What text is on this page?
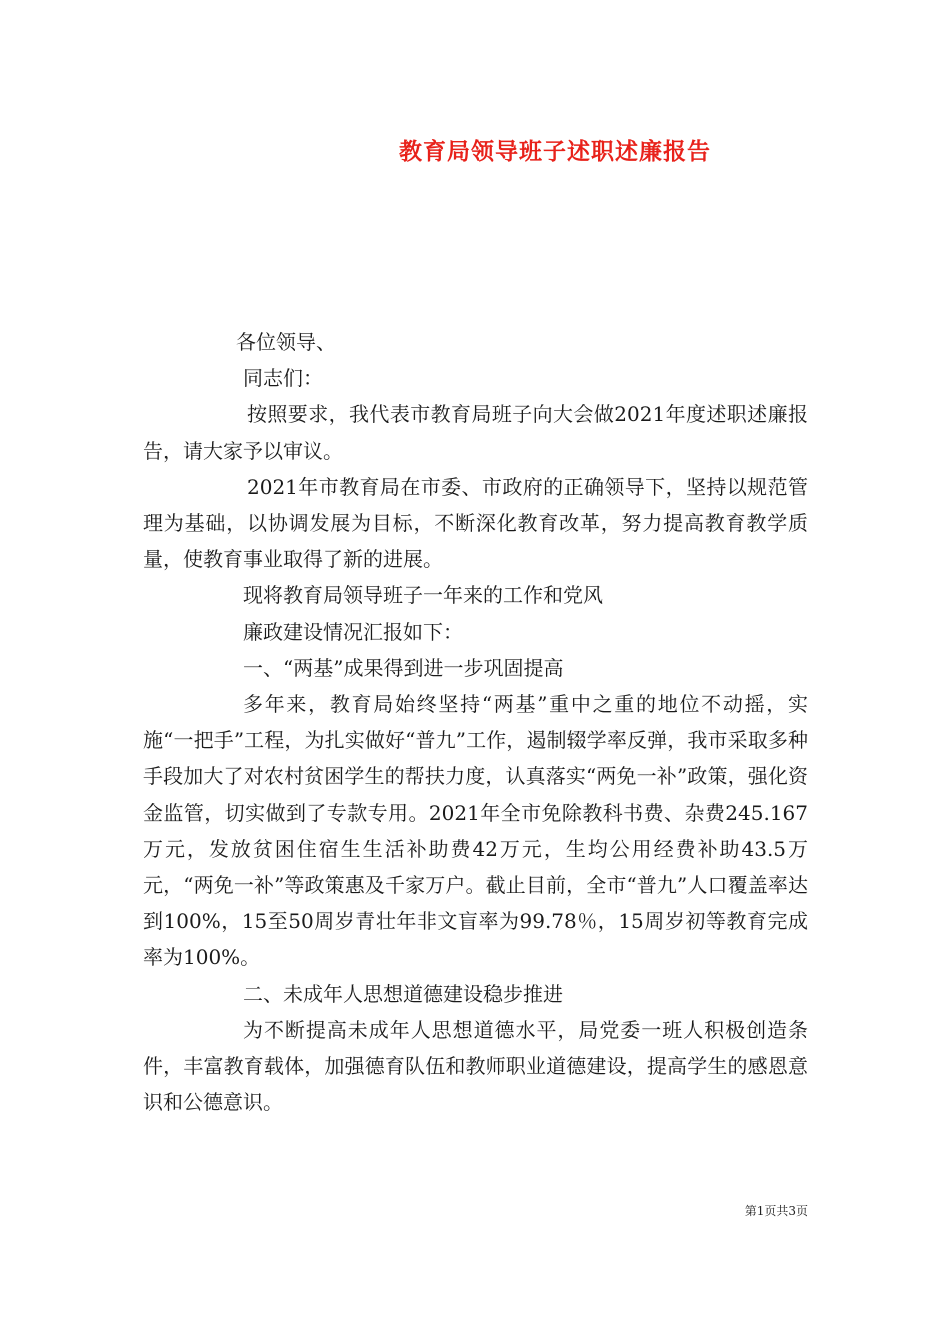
教育局领导班子述职述廉报告

各位领导、

同志们：

按照要求，我代表市教育局班子向大会做2021年度述职述廉报告，请大家予以审议。

2021年市教育局在市委、市政府的正确领导下，坚持以规范管理为基础，以协调发展为目标，不断深化教育改革，努力提高教育教学质量，使教育事业取得了新的进展。

现将教育局领导班子一年来的工作和党风

廉政建设情况汇报如下：

一、“两基”成果得到进一步巩固提高

多年来，教育局始终坚持“两基”重中之重的地位不动摇，实施“一把手”工程，为扎实做好“普九”工作，遏制辍学率反弹，我市采取多种手段加大了对农村贫困学生的帮扶力度，认真落实“两免一补”政策，强化资金监管，切实做到了专款专用。2021年全市免除教科书费、杂费245.167万元，发放贫困住宿生生活补助费42万元，生均公用经费补助43.5万元，“两免一补”等政策惠及千家万户。截止目前，全市“普九”人口覆盖率达到100%，15至50周岁青壮年非文盲率为99.78％，15周岁初等教育完成率为100%。

二、未成年人思想道德建设稳步推进

为不断提高未成年人思想道德水平，局党委一班人积极创造条件，丰富教育载体，加强德育队伍和教师职业道德建设，提高学生的感恩意识和公德意识。

第1页共3页
